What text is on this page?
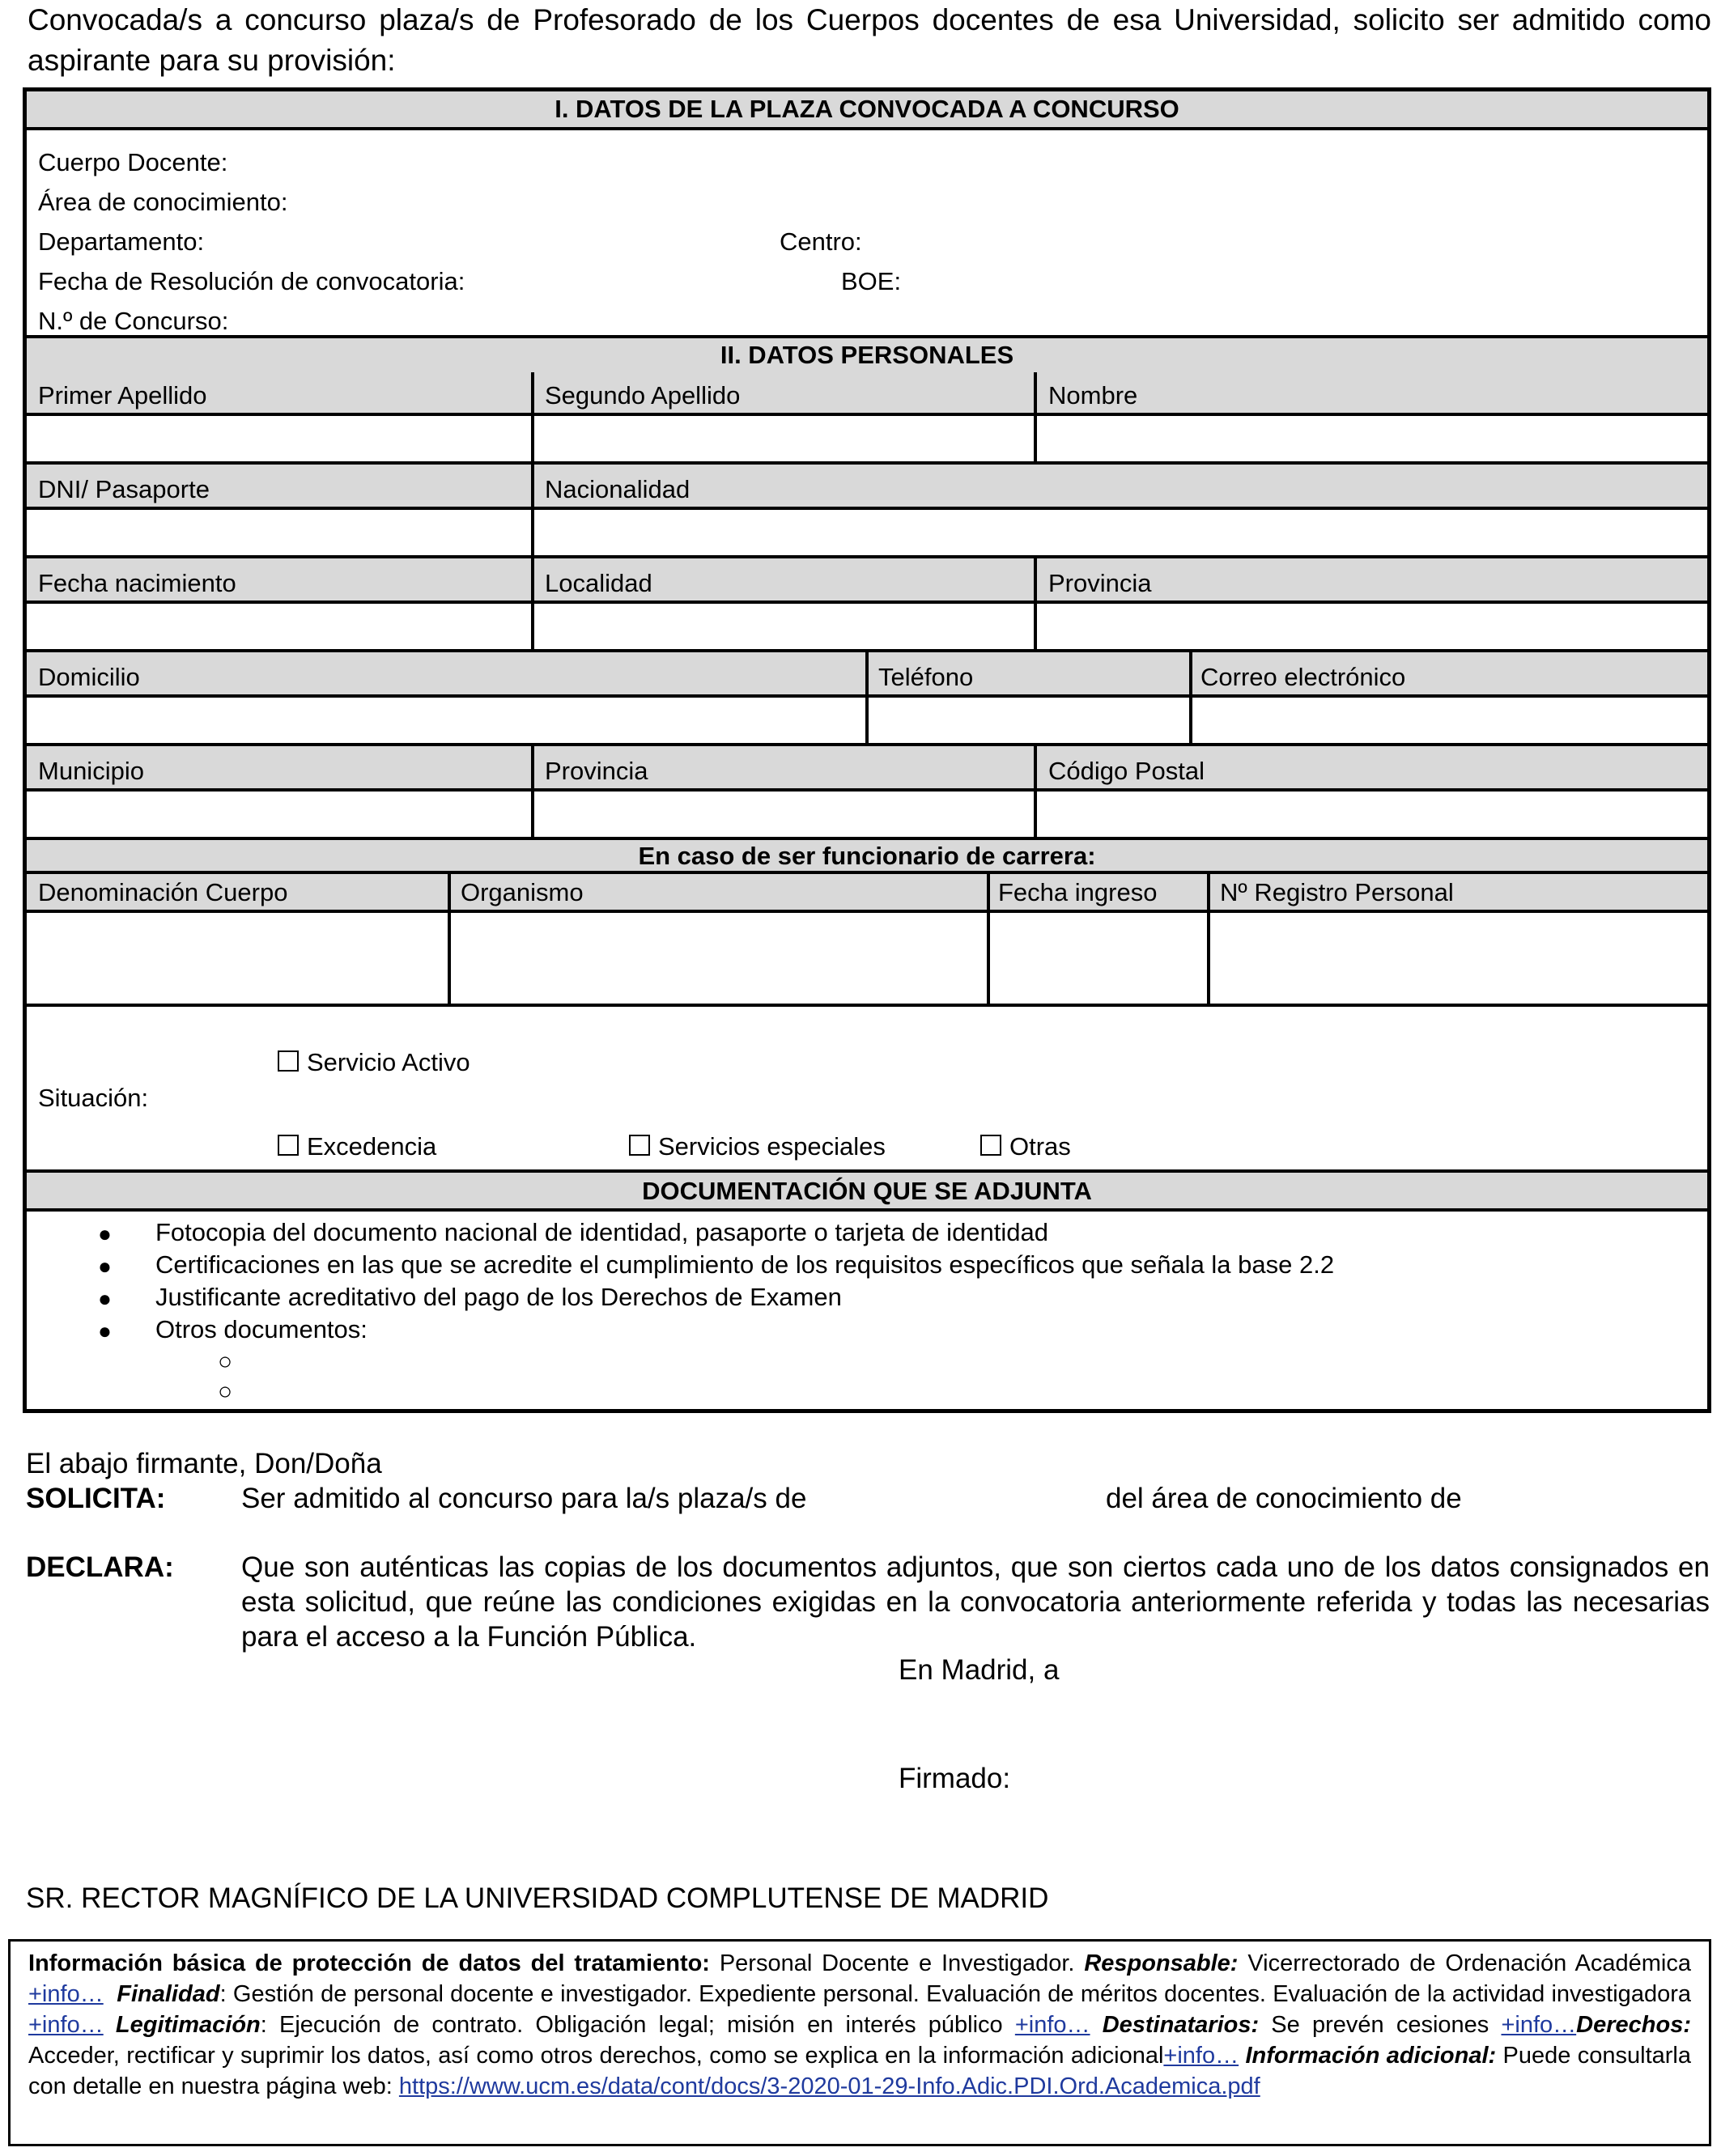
Convocada/s a concurso plaza/s de Profesorado de los Cuerpos docentes de esa Universidad, solicito ser admitido como aspirante para su provisión:
I. DATOS DE LA PLAZA CONVOCADA A CONCURSO
Cuerpo Docente:
Área de conocimiento:
Departamento:	Centro:
Fecha de Resolución de convocatoria:	BOE:
N.º de Concurso:
II. DATOS PERSONALES
Primer Apellido	Segundo Apellido	Nombre
DNI/ Pasaporte	Nacionalidad
Fecha nacimiento	Localidad	Provincia
Domicilio	Teléfono	Correo electrónico
Municipio	Provincia	Código Postal
En caso de ser funcionario de carrera:
Denominación Cuerpo	Organismo	Fecha ingreso	Nº Registro Personal
Situación:
Servicio Activo
Excedencia	Servicios especiales	Otras
DOCUMENTACIÓN QUE SE ADJUNTA
●
●
●
●
Fotocopia del documento nacional de identidad, pasaporte o tarjeta de identidad
Certificaciones en las que se acredite el cumplimiento de los requisitos específicos que señala la base 2.2
Justificante acreditativo del pago de los Derechos de Examen
Otros documentos:
○
○
El abajo firmante, Don/Doña
SOLICITA:	Ser admitido al concurso para la/s plaza/s de	del área de conocimiento de
DECLARA: Que son auténticas las copias de los documentos adjuntos, que son ciertos cada uno de los datos consignados en esta solicitud, que reúne las condiciones exigidas en la convocatoria anteriormente referida y todas las necesarias para el acceso a la Función Pública.
En Madrid, a
Firmado:
SR. RECTOR MAGNÍFICO DE LA UNIVERSIDAD COMPLUTENSE DE MADRID
Información básica de protección de datos del tratamiento: Personal Docente e Investigador. Responsable: Vicerrectorado de Ordenación Académica +info… Finalidad: Gestión de personal docente e investigador. Expediente personal. Evaluación de méritos docentes. Evaluación de la actividad investigadora +info… Legitimación: Ejecución de contrato. Obligación legal; misión en interés público +info… Destinatarios: Se prevén cesiones +info…Derechos: Acceder, rectificar y suprimir los datos, así como otros derechos, como se explica en la información adicional+info… Información adicional: Puede consultarla con detalle en nuestra página web: https://www.ucm.es/data/cont/docs/3-2020-01-29-Info.Adic.PDI.Ord.Academica.pdf
